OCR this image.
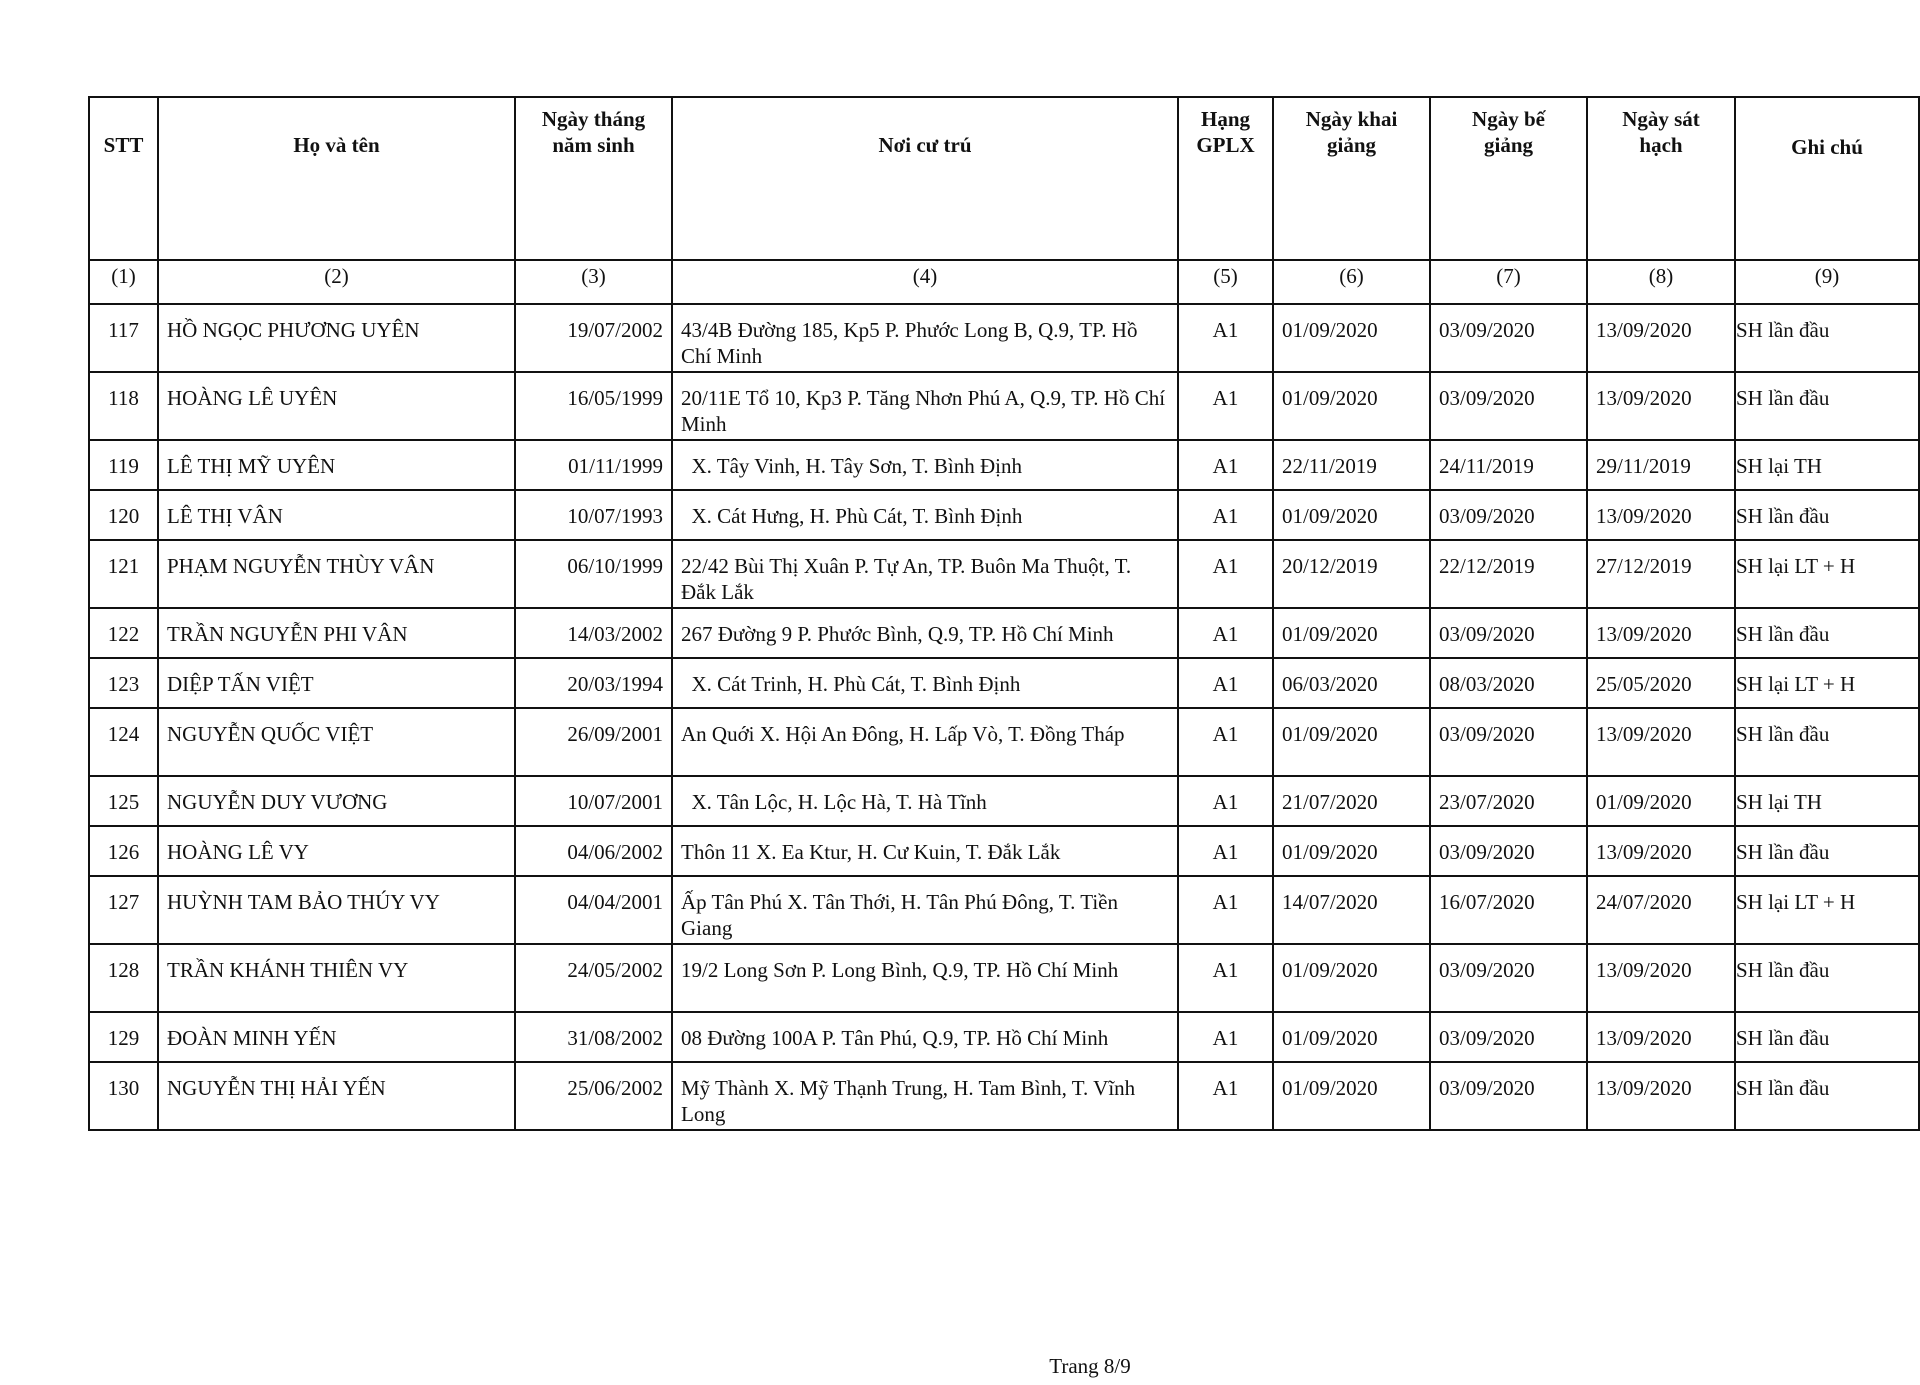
STT	Họ và tên	Ngày tháng năm sinh	Nơi cư trú	Hạng GPLX	Ngày khai giảng	Ngày bế giảng	Ngày sát hạch	Ghi chú
(1)	(2)	(3)	(4)	(5)	(6)	(7)	(8)	(9)
117	HỒ NGỌC PHƯƠNG UYÊN	19/07/2002	43/4B Đường 185, Kp5 P. Phước Long B, Q.9, TP. Hồ Chí Minh	A1	01/09/2020	03/09/2020	13/09/2020	SH lần đầu
118	HOÀNG LÊ UYÊN	16/05/1999	20/11E Tổ 10, Kp3 P. Tăng Nhơn Phú A, Q.9, TP. Hồ Chí Minh	A1	01/09/2020	03/09/2020	13/09/2020	SH lần đầu
119	LÊ THỊ MỸ UYÊN	01/11/1999	X. Tây Vinh, H. Tây Sơn, T. Bình Định	A1	22/11/2019	24/11/2019	29/11/2019	SH lại TH
120	LÊ THỊ VÂN	10/07/1993	X. Cát Hưng, H. Phù Cát, T. Bình Định	A1	01/09/2020	03/09/2020	13/09/2020	SH lần đầu
121	PHẠM NGUYỄN THÙY VÂN	06/10/1999	22/42 Bùi Thị Xuân P. Tự An, TP. Buôn Ma Thuột, T. Đắk Lắk	A1	20/12/2019	22/12/2019	27/12/2019	SH lại LT + H
122	TRẦN NGUYỄN PHI VÂN	14/03/2002	267 Đường 9 P. Phước Bình, Q.9, TP. Hồ Chí Minh	A1	01/09/2020	03/09/2020	13/09/2020	SH lần đầu
123	DIỆP TẤN VIỆT	20/03/1994	X. Cát Trinh, H. Phù Cát, T. Bình Định	A1	06/03/2020	08/03/2020	25/05/2020	SH lại LT + H
124	NGUYỄN QUỐC VIỆT	26/09/2001	An Quới X. Hội An Đông, H. Lấp Vò, T. Đồng Tháp	A1	01/09/2020	03/09/2020	13/09/2020	SH lần đầu
125	NGUYỄN DUY VƯƠNG	10/07/2001	X. Tân Lộc, H. Lộc Hà, T. Hà Tĩnh	A1	21/07/2020	23/07/2020	01/09/2020	SH lại TH
126	HOÀNG LÊ VY	04/06/2002	Thôn 11 X. Ea Ktur, H. Cư Kuin, T. Đắk Lắk	A1	01/09/2020	03/09/2020	13/09/2020	SH lần đầu
127	HUỲNH TAM BẢO THÚY VY	04/04/2001	Ấp Tân Phú X. Tân Thới, H. Tân Phú Đông, T. Tiền Giang	A1	14/07/2020	16/07/2020	24/07/2020	SH lại LT + H
128	TRẦN KHÁNH THIÊN VY	24/05/2002	19/2 Long Sơn P. Long Bình, Q.9, TP. Hồ Chí Minh	A1	01/09/2020	03/09/2020	13/09/2020	SH lần đầu
129	ĐOÀN MINH YẾN	31/08/2002	08 Đường 100A P. Tân Phú, Q.9, TP. Hồ Chí Minh	A1	01/09/2020	03/09/2020	13/09/2020	SH lần đầu
130	NGUYỄN THỊ HẢI YẾN	25/06/2002	Mỹ Thành X. Mỹ Thạnh Trung, H. Tam Bình, T. Vĩnh Long	A1	01/09/2020	03/09/2020	13/09/2020	SH lần đầu
Trang 8/9
